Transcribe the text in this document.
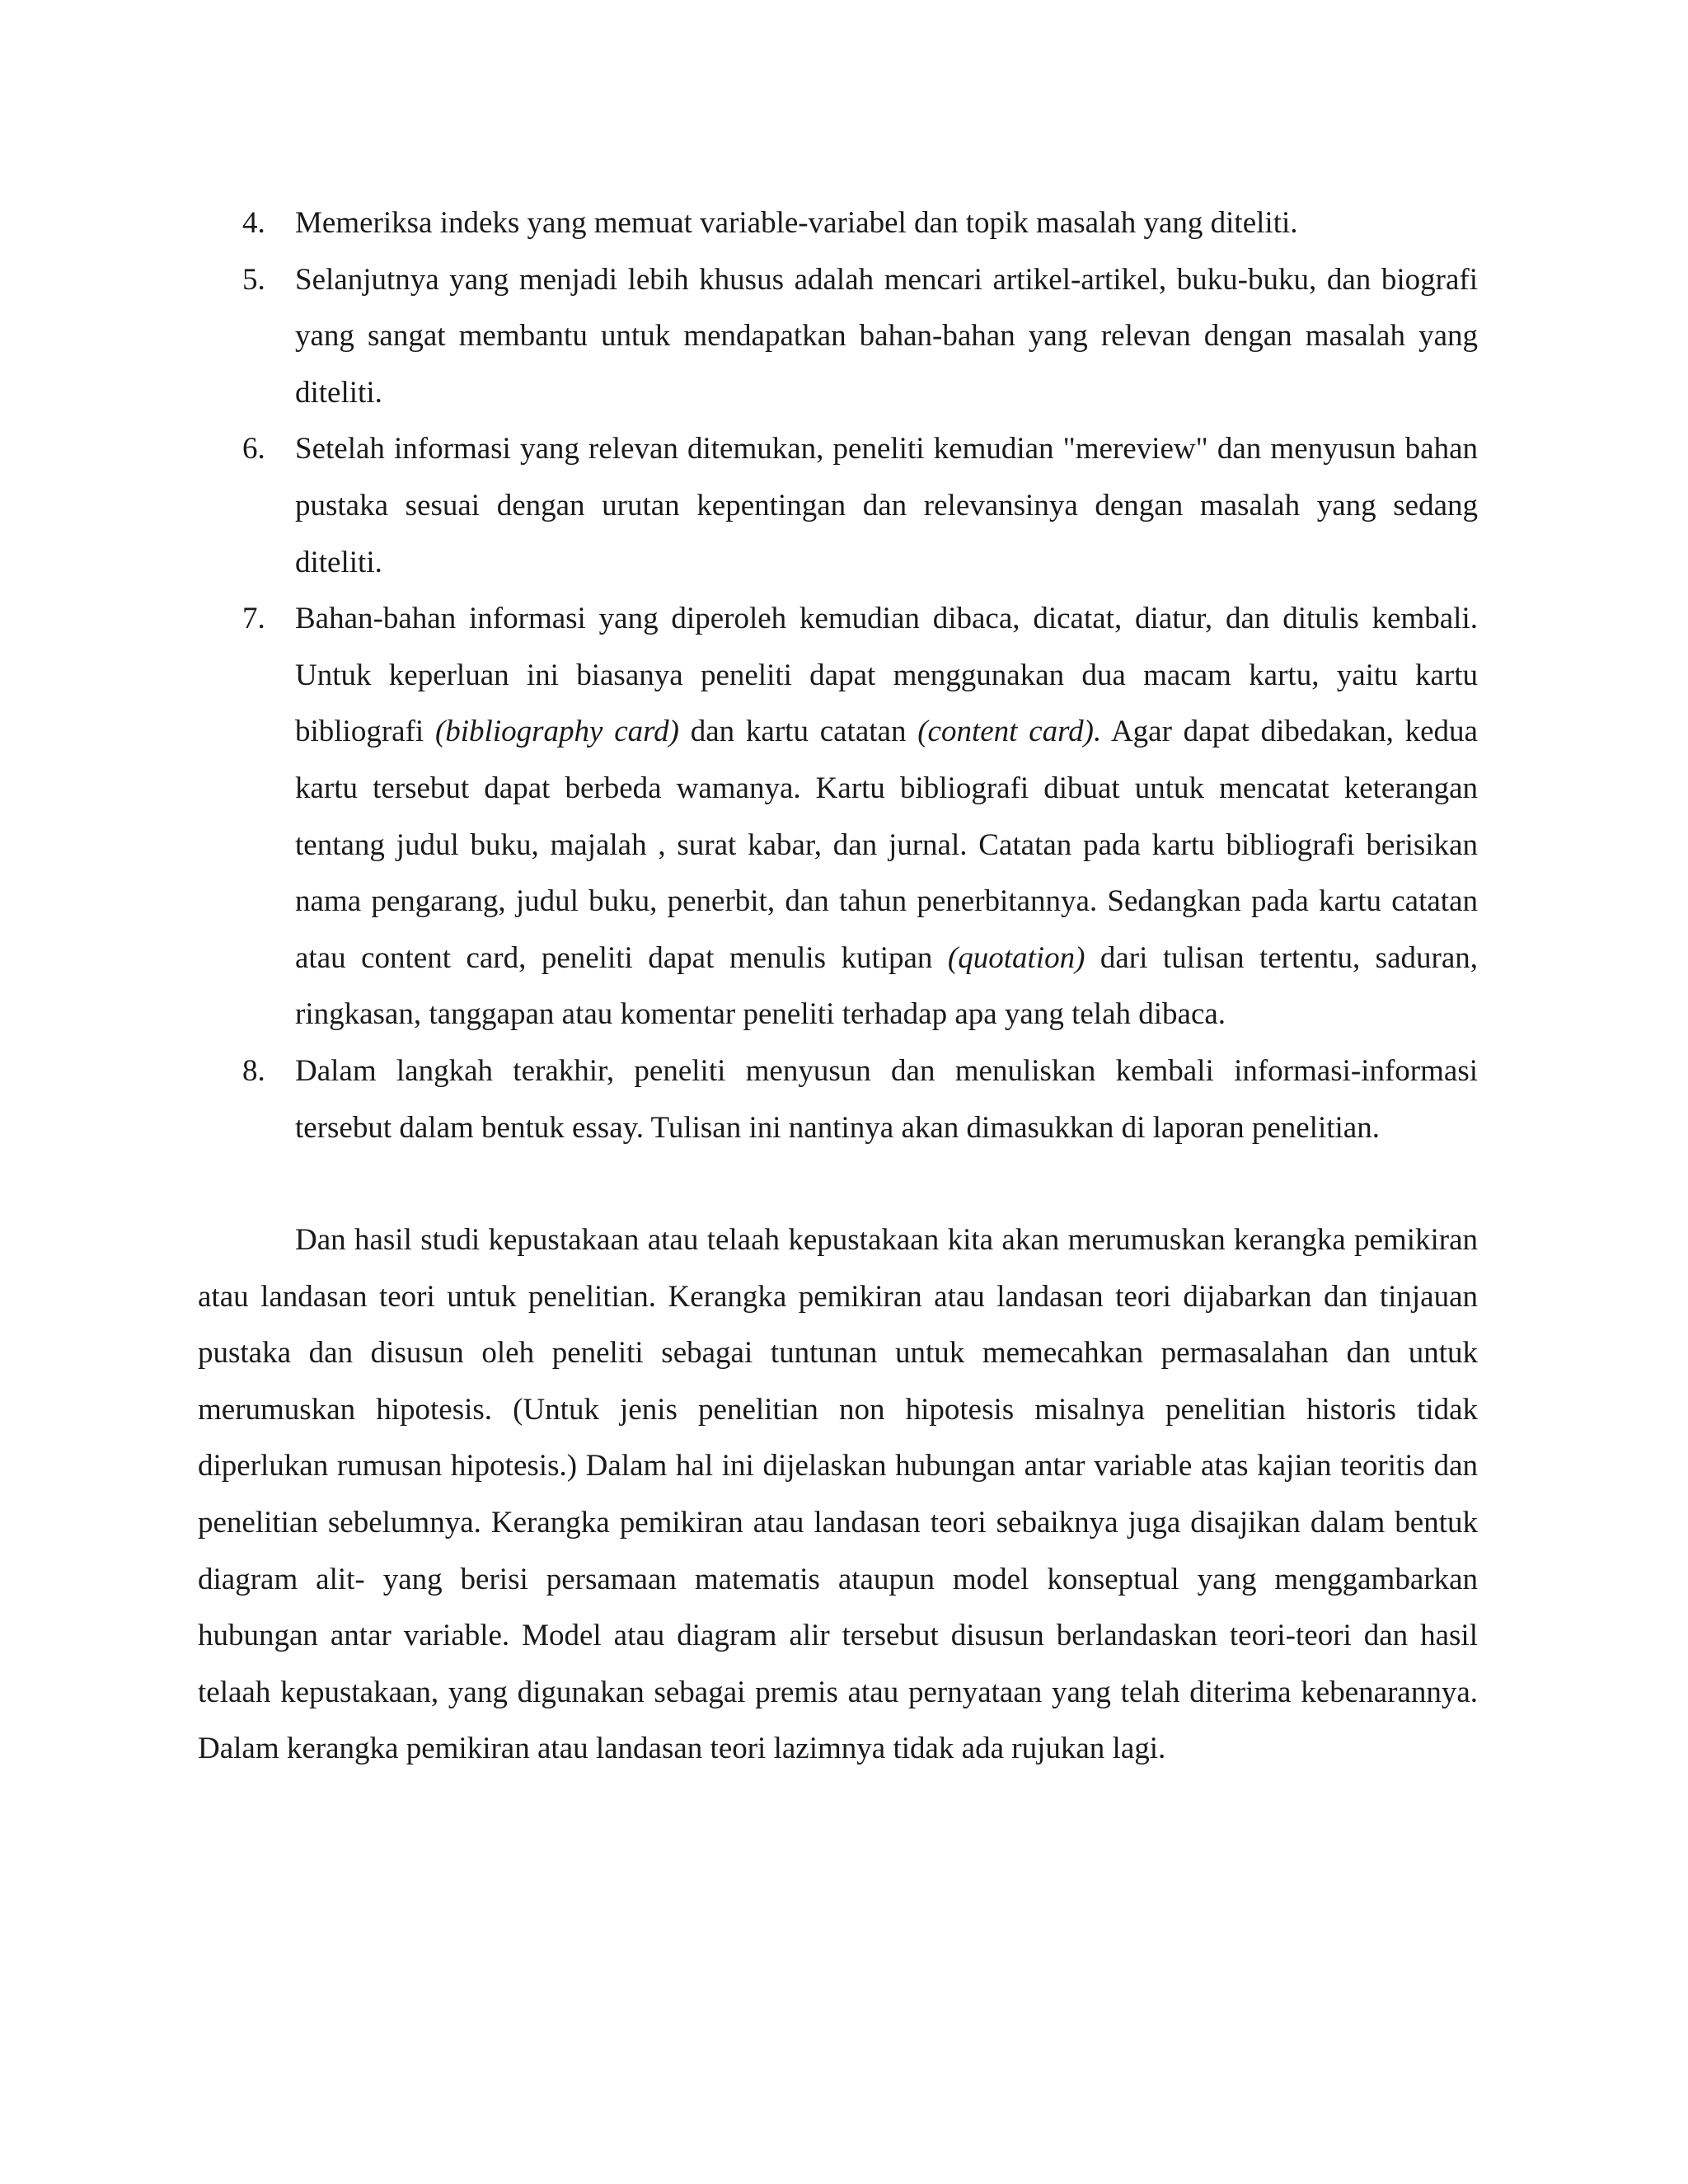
4. Memeriksa indeks yang memuat variable-variabel dan topik masalah yang diteliti.
5. Selanjutnya yang menjadi lebih khusus adalah mencari artikel-artikel, buku-buku, dan biografi yang sangat membantu untuk mendapatkan bahan-bahan yang relevan dengan masalah yang diteliti.
6. Setelah informasi yang relevan ditemukan, peneliti kemudian "mereview" dan menyusun bahan pustaka sesuai dengan urutan kepentingan dan relevansinya dengan masalah yang sedang diteliti.
7. Bahan-bahan informasi yang diperoleh kemudian dibaca, dicatat, diatur, dan ditulis kembali. Untuk keperluan ini biasanya peneliti dapat menggunakan dua macam kartu, yaitu kartu bibliografi (bibliography card) dan kartu catatan (content card). Agar dapat dibedakan, kedua kartu tersebut dapat berbeda wamanya. Kartu bibliografi dibuat untuk mencatat keterangan tentang judul buku, majalah , surat kabar, dan jurnal. Catatan pada kartu bibliografi berisikan nama pengarang, judul buku, penerbit, dan tahun penerbitannya. Sedangkan pada kartu catatan atau content card, peneliti dapat menulis kutipan (quotation) dari tulisan tertentu, saduran, ringkasan, tanggapan atau komentar peneliti terhadap apa yang telah dibaca.
8. Dalam langkah terakhir, peneliti menyusun dan menuliskan kembali informasi-informasi tersebut dalam bentuk essay. Tulisan ini nantinya akan dimasukkan di laporan penelitian.

Dan hasil studi kepustakaan atau telaah kepustakaan kita akan merumuskan kerangka pemikiran atau landasan teori untuk penelitian. Kerangka pemikiran atau landasan teori dijabarkan dan tinjauan pustaka dan disusun oleh peneliti sebagai tuntunan untuk memecahkan permasalahan dan untuk merumuskan hipotesis. (Untuk jenis penelitian non hipotesis misalnya penelitian historis tidak diperlukan rumusan hipotesis.) Dalam hal ini dijelaskan hubungan antar variable atas kajian teoritis dan penelitian sebelumnya. Kerangka pemikiran atau landasan teori sebaiknya juga disajikan dalam bentuk diagram alit- yang berisi persamaan matematis ataupun model konseptual yang menggambarkan hubungan antar variable. Model atau diagram alir tersebut disusun berlandaskan teori-teori dan hasil telaah kepustakaan, yang digunakan sebagai premis atau pernyataan yang telah diterima kebenarannya. Dalam kerangka pemikiran atau landasan teori lazimnya tidak ada rujukan lagi.
